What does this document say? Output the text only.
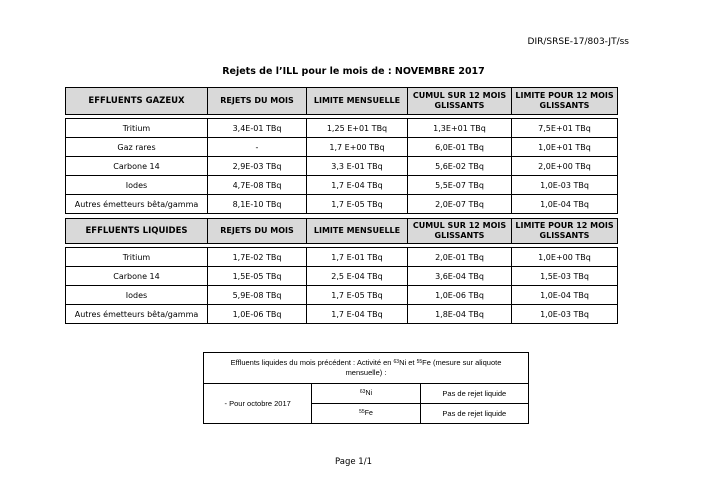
DIR/SRSE-17/803-JT/ss
Rejets de l’ILL pour le mois de : NOVEMBRE 2017
EFFLUENTS GAZEUX	REJETS DU MOIS	LIMITE MENSUELLE	CUMUL SUR 12 MOIS GLISSANTS	LIMITE POUR 12 MOIS GLISSANTS

Tritium	3,4E-01 TBq	1,25 E+01 TBq	1,3E+01 TBq	7,5E+01 TBq
Gaz rares	-	1,7 E+00 TBq	6,0E-01 TBq	1,0E+01 TBq
Carbone 14	2,9E-03 TBq	3,3 E-01 TBq	5,6E-02 TBq	2,0E+00 TBq
Iodes	4,7E-08 TBq	1,7 E-04 TBq	5,5E-07 TBq	1,0E-03 TBq
Autres émetteurs bêta/gamma	8,1E-10 TBq	1,7 E-05 TBq	2,0E-07 TBq	1,0E-04 TBq
EFFLUENTS LIQUIDES	REJETS DU MOIS	LIMITE MENSUELLE	CUMUL SUR 12 MOIS GLISSANTS	LIMITE POUR 12 MOIS GLISSANTS

Tritium	1,7E-02 TBq	1,7 E-01 TBq	2,0E-01 TBq	1,0E+00 TBq
Carbone 14	1,5E-05 TBq	2,5 E-04 TBq	3,6E-04 TBq	1,5E-03 TBq
Iodes	5,9E-08 TBq	1,7 E-05 TBq	1,0E-06 TBq	1,0E-04 TBq
Autres émetteurs bêta/gamma	1,0E-06 TBq	1,7 E-04 TBq	1,8E-04 TBq	1,0E-03 TBq
Effluents liquides du mois précédent : Activité en $^{63}$Ni et $^{55}$Fe (mesure sur aliquote mensuelle) :		
- Pour octobre 2017	$^{63}$Ni	Pas de rejet liquide
	$^{55}$Fe	Pas de rejet liquide
Page 1/1
